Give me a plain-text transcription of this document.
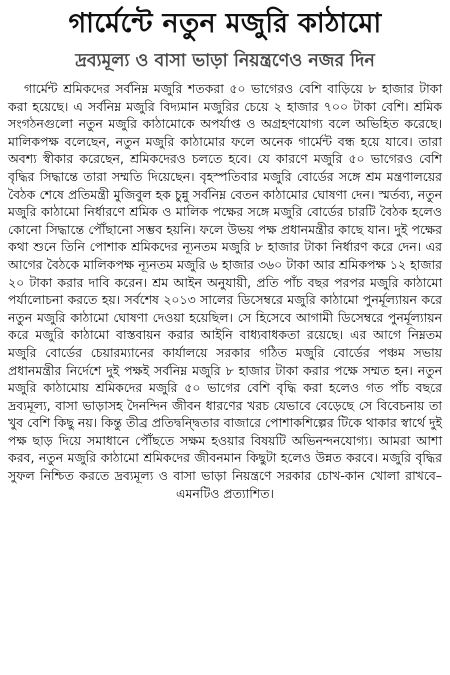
গার্মেন্টে নতুন মজুরি কাঠামো
দ্রব্যমূল্য ও বাসা ভাড়া নিয়ন্ত্রণেও নজর দিন

গার্মেন্ট শ্রমিকদের সর্বনিম্ন মজুরি শতকরা ৫০ ভাগেরও বেশি বাড়িয়ে ৮ হাজার টাকা করা হয়েছে। এ সর্বনিম্ন মজুরি বিদ্যমান মজুরির চেয়ে ২ হাজার ৭০০ টাকা বেশি। শ্রমিক সংগঠনগুলো নতুন মজুরি কাঠামোকে অপর্যাপ্ত ও অগ্রহণযোগ্য বলে অভিহিত করেছে। মালিকপক্ষ বলেছেন, নতুন মজুরি কাঠামোর ফলে অনেক গার্মেন্ট বন্ধ হয়ে যাবে। তারা অবশ্য স্বীকার করেছেন, শ্রমিকদেরও চলতে হবে। যে কারণে মজুরি ৫০ ভাগেরও বেশি বৃদ্ধির সিদ্ধান্তে তারা সম্মতি দিয়েছেন। বৃহস্পতিবার মজুরি বোর্ডের সঙ্গে শ্রম মন্ত্রণালয়ের বৈঠক শেষে প্রতিমন্ত্রী মুজিবুল হক চুন্নু সর্বনিম্ন বেতন কাঠামোর ঘোষণা দেন। স্মর্তব্য, নতুন মজুরি কাঠামো নির্ধারণে শ্রমিক ও মালিক পক্ষের সঙ্গে মজুরি বোর্ডের চারটি বৈঠক হলেও কোনো সিদ্ধান্তে পৌঁছানো সম্ভব হয়নি। ফলে উভয় পক্ষ প্রধানমন্ত্রীর কাছে যান। দুই পক্ষের কথা শুনে তিনি পোশাক শ্রমিকদের ন্যূনতম মজুরি ৮ হাজার টাকা নির্ধারণ করে দেন। এর আগের বৈঠকে মালিকপক্ষ ন্যূনতম মজুরি ৬ হাজার ৩৬০ টাকা আর শ্রমিকপক্ষ ১২ হাজার ২০ টাকা করার দাবি করেন। শ্রম আইন অনুযায়ী, প্রতি পাঁচ বছর পরপর মজুরি কাঠামো পর্যালোচনা করতে হয়। সর্বশেষ ২০১৩ সালের ডিসেম্বরে মজুরি কাঠামো পুনর্মূল্যায়ন করে নতুন মজুরি কাঠামো ঘোষণা দেওয়া হয়েছিল। সে হিসেবে আগামী ডিসেম্বরে পুনর্মূল্যায়ন করে মজুরি কাঠামো বাস্তবায়ন করার আইনি বাধ্যবাধকতা রয়েছে। এর আগে নিম্নতম মজুরি বোর্ডের চেয়ারম্যানের কার্যালয়ে সরকার গঠিত মজুরি বোর্ডের পঞ্চম সভায় প্রধানমন্ত্রীর নির্দেশে দুই পক্ষই সর্বনিম্ন মজুরি ৮ হাজার টাকা করার পক্ষে সম্মত হন। নতুন মজুরি কাঠামোয় শ্রমিকদের মজুরি ৫০ ভাগের বেশি বৃদ্ধি করা হলেও গত পাঁচ বছরে দ্রব্যমূল্য, বাসা ভাড়াসহ দৈনন্দিন জীবন ধারণের খরচ যেভাবে বেড়েছে সে বিবেচনায় তা খুব বেশি কিছু নয়। কিন্তু তীব্র প্রতিদ্বন্দ্বিতার বাজারে পোশাকশিল্পের টিকে থাকার স্বার্থে দুই পক্ষ ছাড় দিয়ে সমাধানে পৌঁছতে সক্ষম হওয়ার বিষয়টি অভিনন্দনযোগ্য। আমরা আশা করব, নতুন মজুরি কাঠামো শ্রমিকদের জীবনমান কিছুটা হলেও উন্নত করবে। মজুরি বৃদ্ধির সুফল নিশ্চিত করতে দ্রব্যমূল্য ও বাসা ভাড়া নিয়ন্ত্রণে সরকার চোখ-কান খোলা রাখবে– এমনটিও প্রত্যাশিত।
